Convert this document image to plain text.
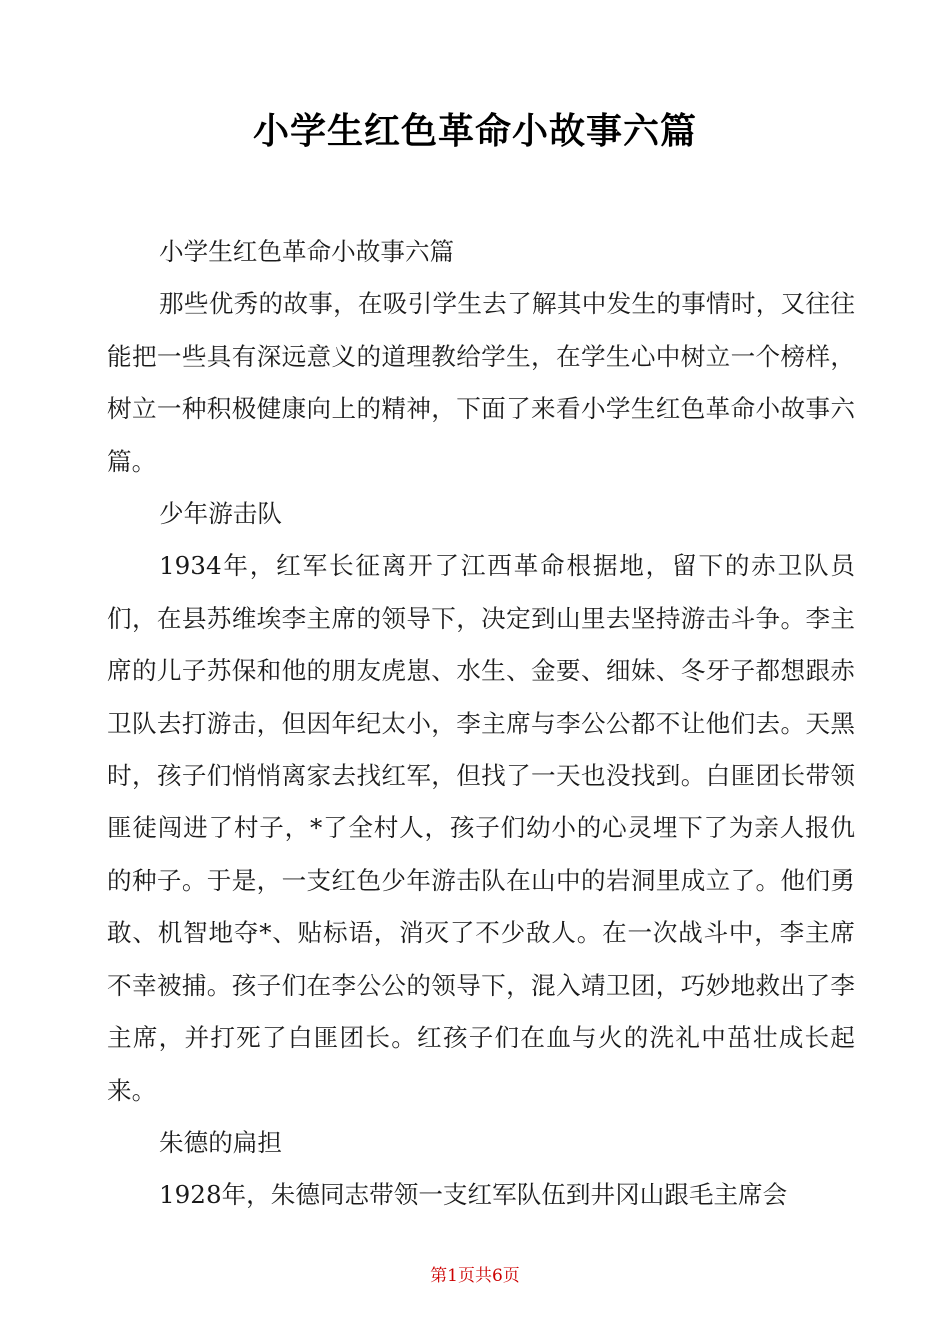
小学生红色革命小故事六篇

小学生红色革命小故事六篇

那些优秀的故事，在吸引学生去了解其中发生的事情时，又往往能把一些具有深远意义的道理教给学生，在学生心中树立一个榜样，树立一种积极健康向上的精神，下面了来看小学生红色革命小故事六篇。

少年游击队

1934年，红军长征离开了江西革命根据地，留下的赤卫队员们，在县苏维埃李主席的领导下，决定到山里去坚持游击斗争。李主席的儿子苏保和他的朋友虎崽、水生、金要、细妹、冬牙子都想跟赤卫队去打游击，但因年纪太小，李主席与李公公都不让他们去。天黑时，孩子们悄悄离家去找红军，但找了一天也没找到。白匪团长带领匪徒闯进了村子，*了全村人，孩子们幼小的心灵埋下了为亲人报仇的种子。于是，一支红色少年游击队在山中的岩洞里成立了。他们勇敢、机智地夺*、贴标语，消灭了不少敌人。在一次战斗中，李主席不幸被捕。孩子们在李公公的领导下，混入靖卫团，巧妙地救出了李主席，并打死了白匪团长。红孩子们在血与火的洗礼中茁壮成长起来。

朱德的扁担

1928年，朱德同志带领一支红军队伍到井冈山跟毛主席会

第1页共6页
